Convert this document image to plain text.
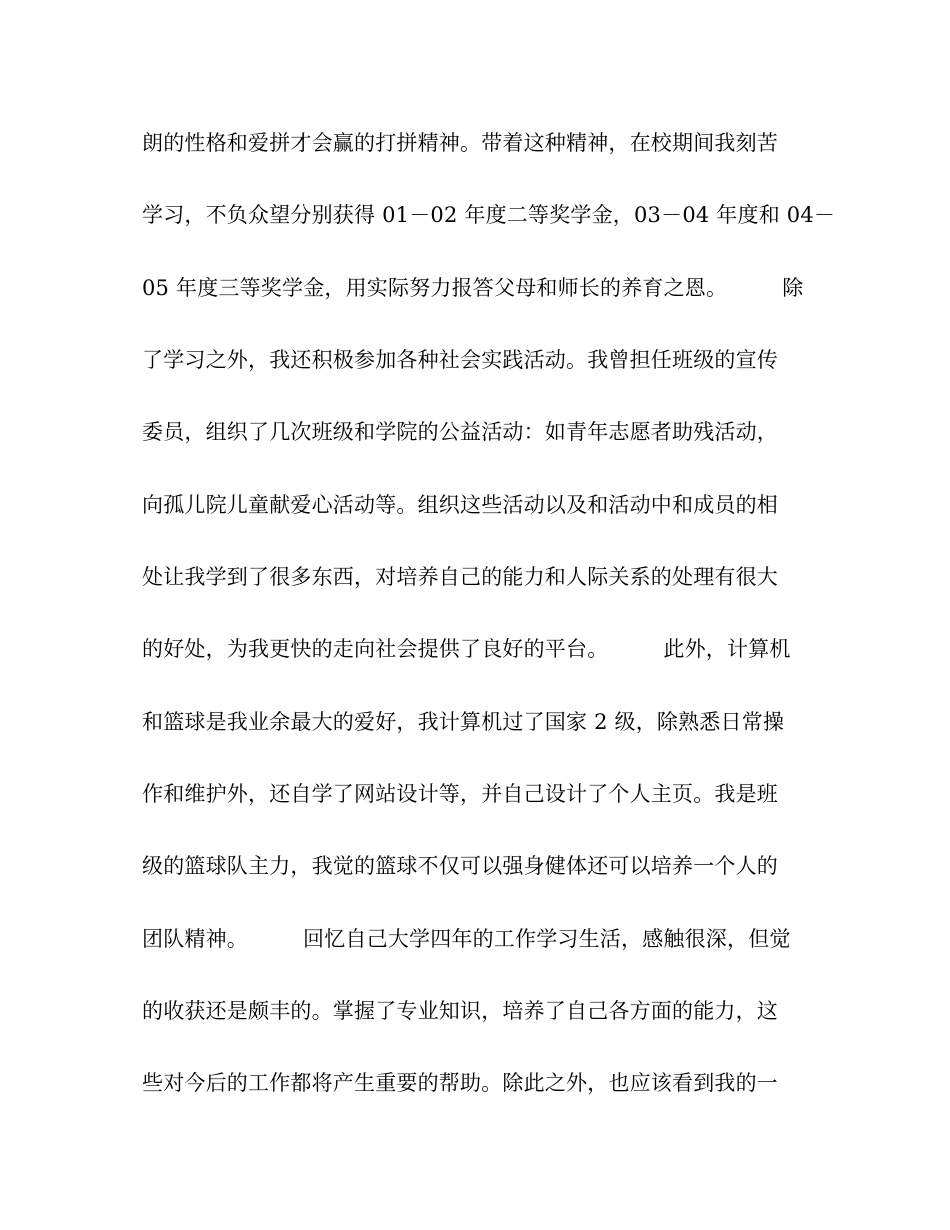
朗的性格和爱拼才会赢的打拼精神。带着这种精神，在校期间我刻苦
学习，不负众望分别获得 01－02 年度二等奖学金，03－04 年度和 04－
05 年度三等奖学金，用实际努力报答父母和师长的养育之恩。        除
了学习之外，我还积极参加各种社会实践活动。我曾担任班级的宣传
委员，组织了几次班级和学院的公益活动：如青年志愿者助残活动，
向孤儿院儿童献爱心活动等。组织这些活动以及和活动中和成员的相
处让我学到了很多东西，对培养自己的能力和人际关系的处理有很大
的好处，为我更快的走向社会提供了良好的平台。        此外，计算机
和篮球是我业余最大的爱好，我计算机过了国家 2 级，除熟悉日常操
作和维护外，还自学了网站设计等，并自己设计了个人主页。我是班
级的篮球队主力，我觉的篮球不仅可以强身健体还可以培养一个人的
团队精神。        回忆自己大学四年的工作学习生活，感触很深，但觉
的收获还是颇丰的。掌握了专业知识，培养了自己各方面的能力，这
些对今后的工作都将产生重要的帮助。除此之外，也应该看到我的一
